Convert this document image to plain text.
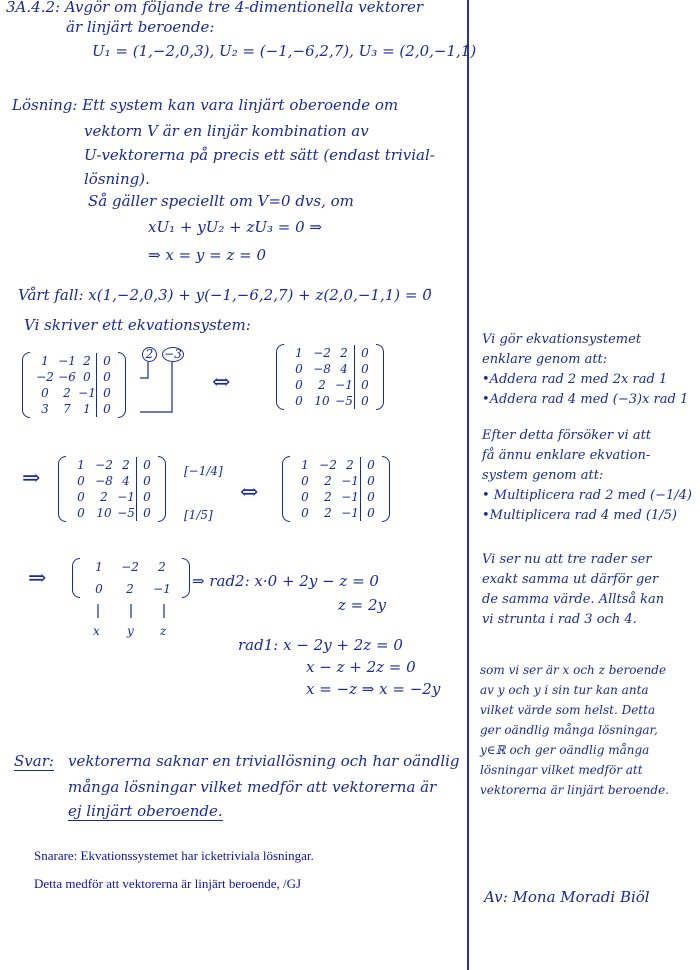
3A.4.2: Avgör om följande tre 4-dimentionella vektorer
är linjärt beroende:
U₁ = (1,−2,0,3), U₂ = (−1,−6,2,7), U₃ = (2,0,−1,1)
Lösning: Ett system kan vara linjärt oberoende om
vektorn V är en linjär kombination av
U-vektorerna på precis ett sätt (endast trivial-
lösning).
Så gäller speciellt om V=0 dvs, om
xU₁ + yU₂ + zU₃ = 0 ⇒
⇒ x = y = z = 0
Vårt fall: x(1,−2,0,3) + y(−1,−6,2,7) + z(2,0,−1,1) = 0̄
Vi skriver ett ekvationsystem:
1 −1 2	0
−2 −6 0	0
0	2 −1 0
3	7	1	0
2 −3
⇔
1 −2 2	0
0 −8 4	0
0	2 −1 0
0 10 −5 0
⇒
1 −2 2	0
0 −8 4	0
0	2 −1 0
0 10 −5 0
[−1/4]
[1/5]
⇔
1 −2 2	0
0	2 −1 0
0	2 −1 0
0	2 −1 0
⇒	1	−2	2
0	2	−1
x y z
⇒ rad2: x·0 + 2y − z = 0
z = 2y
rad1: x − 2y + 2z = 0
x − z + 2z = 0
x = −z ⇒ x = −2y
Svar: vektorerna saknar en triviallösning och har oändlig
många lösningar vilket medför att vektorerna är
ej linjärt oberoende.
Snarare: Ekvationssystemet har icketriviala lösningar.
Detta medför att vektorerna är linjärt beroende, /GJ
Vi gör ekvationsystemet
enklare genom att:
•Addera rad 2 med 2x rad 1
•Addera rad 4 med (−3)x rad 1
Efter detta försöker vi att
få ännu enklare ekvation-
system genom att:
• Multiplicera rad 2 med (−1/4)
•Multiplicera rad 4 med (1/5)
Vi ser nu att tre rader ser
exakt samma ut därför ger
de samma värde. Alltså kan
vi strunta i rad 3 och 4.
som vi ser är x och z beroende
av y och y i sin tur kan anta
vilket värde som helst. Detta
ger oändlig många lösningar,
y∈ℝ och ger oändlig många
lösningar vilket medför att
vektorerna är linjärt beroende.
Av: Mona Moradi Biöl
